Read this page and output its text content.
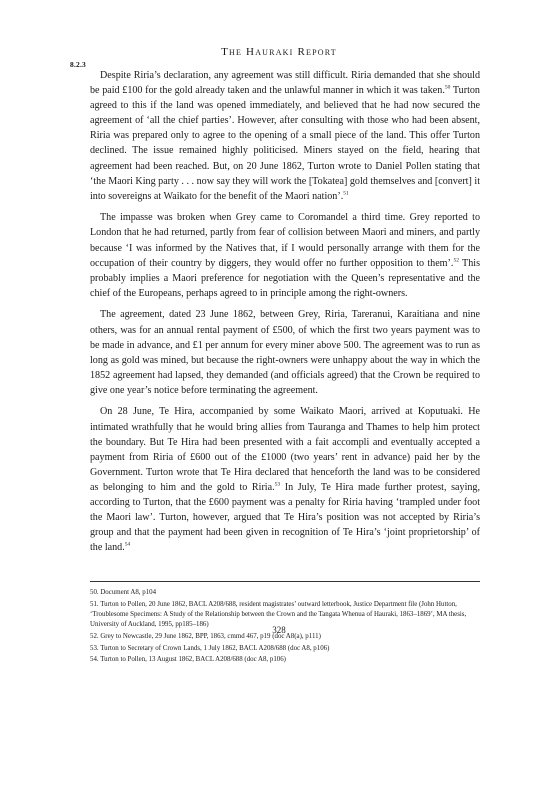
8.2.3
The Hauraki Report

Despite Riria’s declaration, any agreement was still difficult. Riria demanded that she should be paid £100 for the gold already taken and the unlawful manner in which it was taken.$^{50}$ Turton agreed to this if the land was opened immediately, and believed that he had now secured the agreement of ‘all the chief parties’. However, after consulting with those who had been absent, Riria was prepared only to agree to the opening of a small piece of the land. This offer Turton declined. The issue remained highly politicised. Miners stayed on the field, hearing that agreement had been reached. But, on 20 June 1862, Turton wrote to Daniel Pollen stating that ‘the Maori King party . . . now say they will work the [Tokatea] gold themselves and [convert] it into sovereigns at Waikato for the benefit of the Maori nation’.$^{51}$

The impasse was broken when Grey came to Coromandel a third time. Grey reported to London that he had returned, partly from fear of collision between Maori and miners, and partly because ‘I was informed by the Natives that, if I would personally arrange with them for the occupation of their country by diggers, they would offer no further opposition to them’.$^{52}$ This probably implies a Maori preference for negotiation with the Queen’s representative and the chief of the Europeans, perhaps agreed to in principle among the right-owners.

The agreement, dated 23 June 1862, between Grey, Riria, Tareranui, Karaitiana and nine others, was for an annual rental payment of £500, of which the first two years payment was to be made in advance, and £1 per annum for every miner above 500. The agreement was to run as long as gold was mined, but because the right-owners were unhappy about the way in which the 1852 agreement had lapsed, they demanded (and officials agreed) that the Crown be required to give one year’s notice before terminating the agreement.

On 28 June, Te Hira, accompanied by some Waikato Maori, arrived at Koputuaki. He intimated wrathfully that he would bring allies from Tauranga and Thames to help him protect the boundary. But Te Hira had been presented with a fait accompli and eventually accepted a payment from Riria of £600 out of the £1000 (two years’ rent in advance) paid her by the Government. Turton wrote that Te Hira declared that henceforth the land was to be considered as belonging to him and the gold to Riria.$^{53}$ In July, Te Hira made further protest, saying, according to Turton, that the £600 payment was a penalty for Riria having ‘trampled under foot the Maori law’. Turton, however, argued that Te Hira’s position was not accepted by Riria’s group and that the payment had been given in recognition of Te Hira’s ‘joint proprietorship’ of the land.$^{54}$

50. Document A8, p104
51. Turton to Pollen, 20 June 1862, BACL A208/688, resident magistrates’ outward letterbook, Justice Department file (John Hutton, ‘Troublesome Specimens: A Study of the Relationship between the Crown and the Tangata Whenua of Hauraki, 1863–1869’, MA thesis, University of Auckland, 1995, pp185–186)
52. Grey to Newcastle, 29 June 1862, BPP, 1863, cmmd 467, p19 (doc A8(a), p111)
53. Turton to Secretary of Crown Lands, 1 July 1862, BACL A208/688 (doc A8, p106)
54. Turton to Pollen, 13 August 1862, BACL A208/688 (doc A8, p106)
328
